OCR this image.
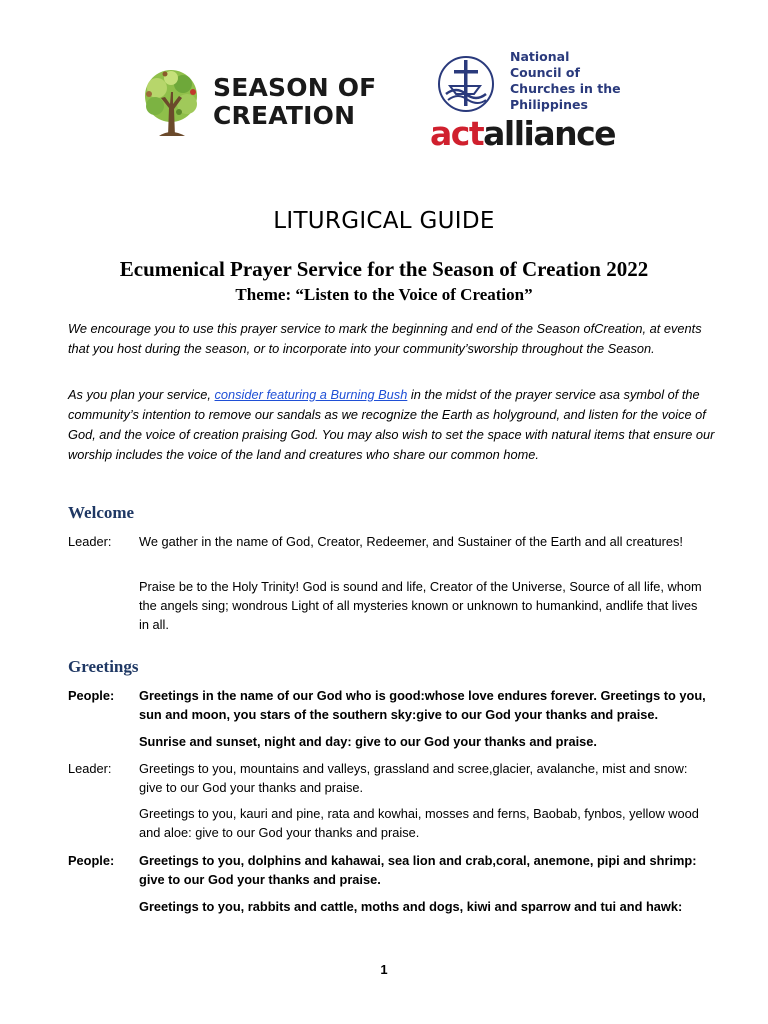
SEASON OF
CREATION
National
Council of
Churches in the
Philippines
actalliance
LITURGICAL GUIDE
Ecumenical Prayer Service for the Season of Creation 2022
Theme: “Listen to the Voice of Creation”

We encourage you to use this prayer service to mark the beginning and end of the Season ofCreation, at events that you host during the season, or to incorporate into your community’sworship throughout the Season.

As you plan your service, consider featuring a Burning Bush in the midst of the prayer service asa symbol of the community’s intention to remove our sandals as we recognize the Earth as holyground, and listen for the voice of God, and the voice of creation praising God. You may also wish to set the space with natural items that ensure our worship includes the voice of the land and creatures who share our common home.

Welcome
Leader:	We gather in the name of God, Creator, Redeemer, and Sustainer of the Earth and all creatures!
Praise be to the Holy Trinity! God is sound and life, Creator of the Universe, Source of all life, whom the angels sing; wondrous Light of all mysteries known or unknown to humankind, andlife that lives in all.
Greetings
People:	Greetings in the name of our God who is good:whose love endures forever. Greetings to you, sun and moon, you stars of the southern sky:give to our God your thanks and praise.
Sunrise and sunset, night and day: give to our God your thanks and praise.
Leader:	Greetings to you, mountains and valleys, grassland and scree,glacier, avalanche, mist and snow: give to our God your thanks and praise.
Greetings to you, kauri and pine, rata and kowhai, mosses and ferns, Baobab, fynbos, yellow wood and aloe: give to our God your thanks and praise.
People:	Greetings to you, dolphins and kahawai, sea lion and crab,coral, anemone, pipi and shrimp: give to our God your thanks and praise.
Greetings to you, rabbits and cattle, moths and dogs, kiwi and sparrow and tui and hawk:
1
